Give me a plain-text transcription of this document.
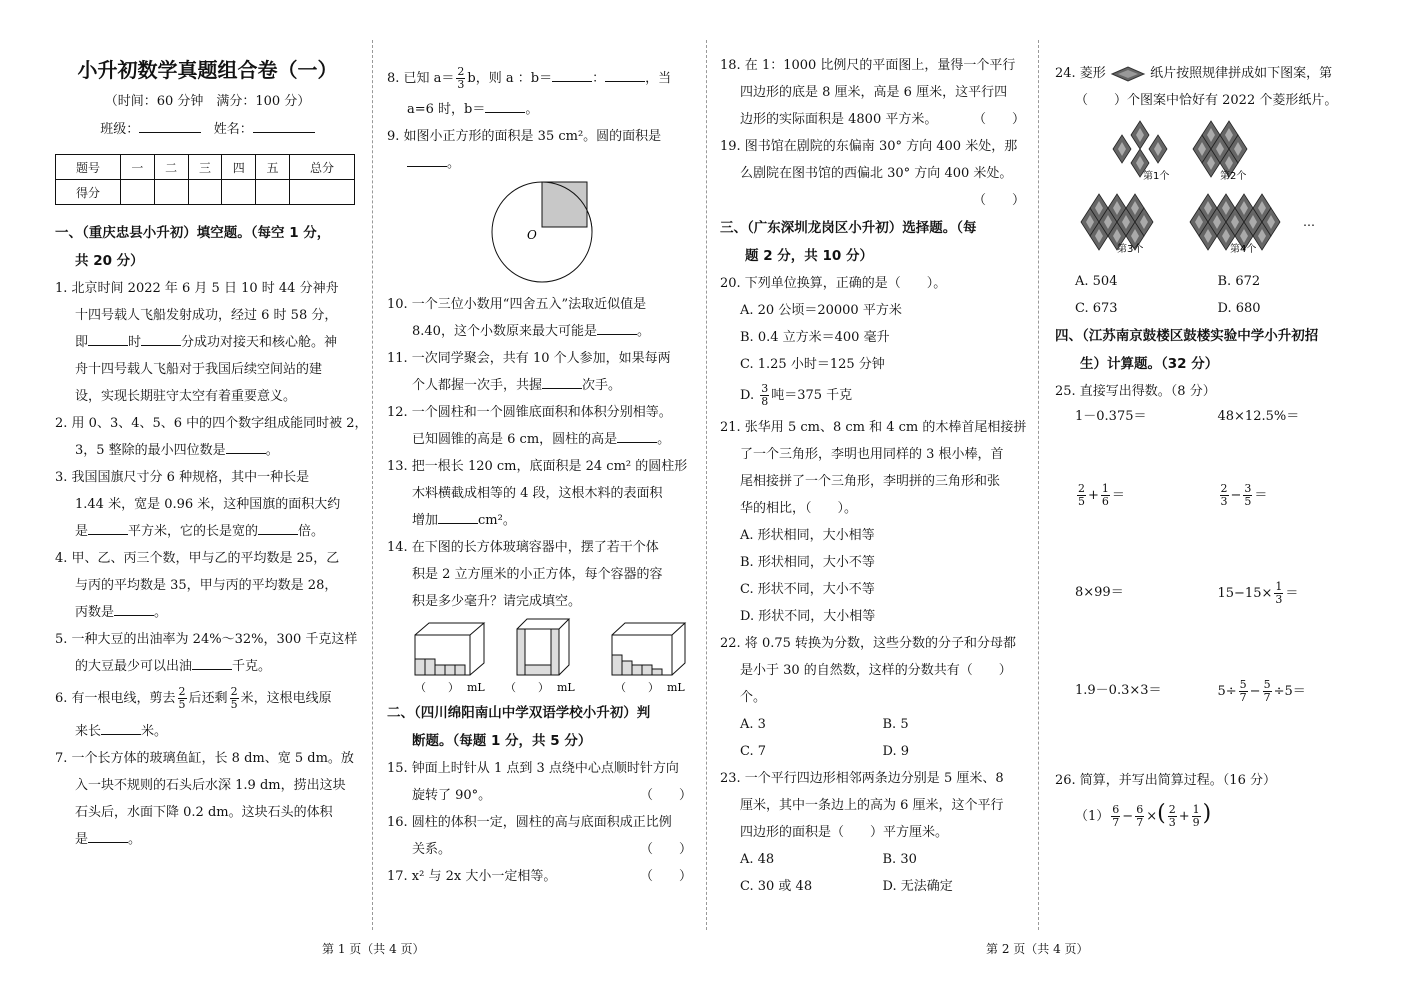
小升初数学真题组合卷（一）

（时间：60 分钟　满分：100 分）

班级：	姓名：

题号	一	二	三	四	五	总分
得分						

一、（重庆忠县小升初）填空题。（每空 1 分，

共 20 分）

1. 北京时间 2022 年 6 月 5 日 10 时 44 分神舟

十四号载人飞船发射成功，经过 6 时 58 分，

即	时	分成功对接天和核心舱。神

舟十四号载人飞船对于我国后续空间站的建

设，实现长期驻守太空有着重要意义。

2. 用 0、3、4、5、6 中的四个数字组成能同时被 2，

3，5 整除的最小四位数是	。

3. 我国国旗尺寸分 6 种规格，其中一种长是

1.44 米，宽是 0.96 米，这种国旗的面积大约

是	平方米，它的长是宽的	倍。

4. 甲、乙、丙三个数，甲与乙的平均数是 25，乙

与丙的平均数是 35，甲与丙的平均数是 28，

丙数是	。

5. 一种大豆的出油率为 24%～32%，300 千克这样

的大豆最少可以出油	千克。

6. 有一根电线，剪去 $\frac{2}{5}$ 后还剩 $\frac{2}{5}$ 米，这根电线原

来长	米。

7. 一个长方体的玻璃鱼缸，长 8 dm、宽 5 dm。放

入一块不规则的石头后水深 1.9 dm，捞出这块

石头后，水面下降 0.2 dm。这块石头的体积

是	。

8. 已知 $a= \frac{2}{3}$ b，则 a ：b＝	：	，当

a=6 时，b＝	。

9. 如图小正方形的面积是 35 cm²。圆的面积是

。

O

10. 一个三位小数用“四舍五入”法取近似值是

8.40，这个小数原来最大可能是	。

11. 一次同学聚会，共有 10 个人参加，如果每两

个人都握一次手，共握	次手。

12. 一个圆柱和一个圆锥底面积和体积分别相等。

已知圆锥的高是 6 cm，圆柱的高是	。

13. 把一根长 120 cm，底面积是 24 cm² 的圆柱形

木料横截成相等的 4 段，这根木料的表面积

增加	cm²。

14. 在下图的长方体玻璃容器中，摆了若干个体

积是 2 立方厘米的小正方体，每个容器的容

积是多少毫升？请完成填空。

（　　） mL （　　） mL	（　　） mL

二、（四川绵阳南山中学双语学校小升初）判

断题。（每题 1 分，共 5 分）

15. 钟面上时针从 1 点到 3 点绕中心点顺时针方向

旋转了 90°。	（　　）

16. 圆柱的体积一定，圆柱的高与底面积成正比例

关系。	（　　）

17. x² 与 2x 大小一定相等。	（　　）

18. 在 1：1000 比例尺的平面图上，量得一个平行

四边形的底是 8 厘米，高是 6 厘米，这平行四

边形的实际面积是 4800 平方米。	（　　）

19. 图书馆在剧院的东偏南 30° 方向 400 米处，那

么剧院在图书馆的西偏北 30° 方向 400 米处。

（　　）

三、（广东深圳龙岗区小升初）选择题。（每

题 2 分，共 10 分）

20. 下列单位换算，正确的是（　　）。

A. 20 公顷＝20000 平方米

B. 0.4 立方米＝400 毫升

C. 1.25 小时＝125 分钟

D. $\frac{3}{8}$ 吨＝375 千克

21. 张华用 5 cm、8 cm 和 4 cm 的木棒首尾相接拼

了一个三角形，李明也用同样的 3 根小棒，首

尾相接拼了一个三角形，李明拼的三角形和张

华的相比，（　　）。

A. 形状相同，大小相等

B. 形状相同，大小不等

C. 形状不同，大小不等

D. 形状不同，大小相等

22. 将 0.75 转换为分数，这些分数的分子和分母都

是小于 30 的自然数，这样的分数共有（　　）

个。

A. 3	B. 5

C. 7	D. 9

23. 一个平行四边形相邻两条边分别是 5 厘米、8

厘米，其中一条边上的高为 6 厘米，这个平行

四边形的面积是（　　）平方厘米。

A. 48	B. 30

C. 30 或 48	D. 无法确定

24. 菱形	纸片按照规律拼成如下图案，第

（　　）个图案中恰好有 2022 个菱形纸片。

第1个	第2个
第3个	第4个
…

A. 504	B. 672

C. 673	D. 680

四、（江苏南京鼓楼区鼓楼实验中学小升初招

生）计算题。（32 分）

25. 直接写出得数。（8 分）

1－0.375＝	48×12.5%＝
$\frac{2}{5} + \frac{1}{6}$ ＝	$\frac{2}{3} - \frac{3}{5}$ ＝
8×99＝	$15-15\times \frac{1}{3}$ ＝
1.9－0.3×3＝	$5\div \frac{5}{7} - \frac{5}{7} \div 5=$

26. 简算，并写出简算过程。（16 分）

$(1) \frac{6}{7} - \frac{6}{7}$ ×( $\frac{2}{3} + \frac{1}{9}$ )

第 1 页（共 4 页）	第 2 页（共 4 页）
